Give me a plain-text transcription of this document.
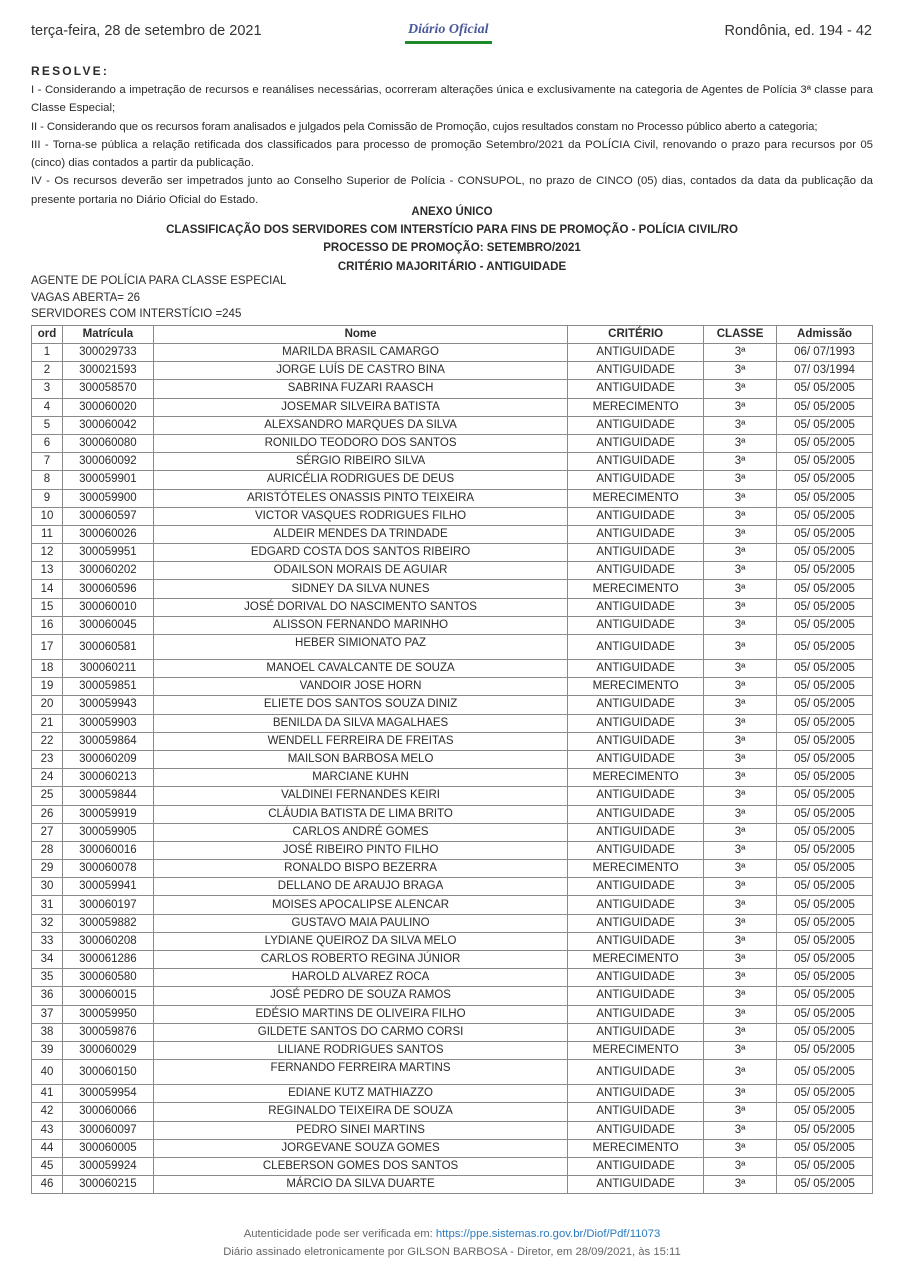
terça-feira, 28 de setembro de 2021	Diário Oficial	Rondônia, ed. 194 - 42
RESOLVE:

I - Considerando a impetração de recursos e reanálises necessárias, ocorreram alterações única e exclusivamente na categoria de Agentes de Polícia 3ª classe para Classe Especial;

II - Considerando que os recursos foram analisados e julgados pela Comissão de Promoção, cujos resultados constam no Processo público aberto a categoria;

III - Torna-se pública a relação retificada dos classificados para processo de promoção Setembro/2021 da POLÍCIA Civil, renovando o prazo para recursos por 05 (cinco) dias contados a partir da publicação.

IV - Os recursos deverão ser impetrados junto ao Conselho Superior de Polícia - CONSUPOL, no prazo de CINCO (05) dias, contados da data da publicação da presente portaria no Diário Oficial do Estado.

ANEXO ÚNICO
CLASSIFICAÇÃO DOS SERVIDORES COM INTERSTÍCIO PARA FINS DE PROMOÇÃO - POLÍCIA CIVIL/RO
PROCESSO DE PROMOÇÃO: SETEMBRO/2021
CRITÉRIO MAJORITÁRIO - ANTIGUIDADE
AGENTE DE POLÍCIA PARA CLASSE ESPECIAL
VAGAS ABERTA= 26
SERVIDORES COM INTERSTÍCIO =245
ord	Matrícula	Nome	CRITÉRIO	CLASSE	Admissão
1	300029733	MARILDA BRASIL CAMARGO	ANTIGUIDADE	3ª	06/ 07/1993
2	300021593	JORGE LUÍS DE CASTRO BINA	ANTIGUIDADE	3ª	07/ 03/1994
3	300058570	SABRINA FUZARI RAASCH	ANTIGUIDADE	3ª	05/ 05/2005
4	300060020	JOSEMAR SILVEIRA BATISTA	MERECIMENTO	3ª	05/ 05/2005
5	300060042	ALEXSANDRO MARQUES DA SILVA	ANTIGUIDADE	3ª	05/ 05/2005
6	300060080	RONILDO TEODORO DOS SANTOS	ANTIGUIDADE	3ª	05/ 05/2005
7	300060092	SÉRGIO RIBEIRO SILVA	ANTIGUIDADE	3ª	05/ 05/2005
8	300059901	AURICÉLIA RODRIGUES DE DEUS	ANTIGUIDADE	3ª	05/ 05/2005
9	300059900	ARISTÓTELES ONASSIS PINTO TEIXEIRA	MERECIMENTO	3ª	05/ 05/2005
10	300060597	VICTOR VASQUES RODRIGUES FILHO	ANTIGUIDADE	3ª	05/ 05/2005
11	300060026	ALDEIR MENDES DA TRINDADE	ANTIGUIDADE	3ª	05/ 05/2005
12	300059951	EDGARD COSTA DOS SANTOS RIBEIRO	ANTIGUIDADE	3ª	05/ 05/2005
13	300060202	ODAILSON MORAIS DE AGUIAR	ANTIGUIDADE	3ª	05/ 05/2005
14	300060596	SIDNEY DA SILVA NUNES	MERECIMENTO	3ª	05/ 05/2005
15	300060010	JOSÉ DORIVAL DO NASCIMENTO SANTOS	ANTIGUIDADE	3ª	05/ 05/2005
16	300060045	ALISSON FERNANDO MARINHO	ANTIGUIDADE	3ª	05/ 05/2005
17	300060581	HEBER SIMIONATO PAZ	ANTIGUIDADE	3ª	05/ 05/2005
18	300060211	MANOEL CAVALCANTE DE SOUZA	ANTIGUIDADE	3ª	05/ 05/2005
19	300059851	VANDOIR JOSE HORN	MERECIMENTO	3ª	05/ 05/2005
20	300059943	ELIETE DOS SANTOS SOUZA DINIZ	ANTIGUIDADE	3ª	05/ 05/2005
21	300059903	BENILDA DA SILVA MAGALHAES	ANTIGUIDADE	3ª	05/ 05/2005
22	300059864	WENDELL FERREIRA DE FREITAS	ANTIGUIDADE	3ª	05/ 05/2005
23	300060209	MAILSON BARBOSA MELO	ANTIGUIDADE	3ª	05/ 05/2005
24	300060213	MARCIANE KUHN	MERECIMENTO	3ª	05/ 05/2005
25	300059844	VALDINEI FERNANDES KEIRI	ANTIGUIDADE	3ª	05/ 05/2005
26	300059919	CLÁUDIA BATISTA DE LIMA BRITO	ANTIGUIDADE	3ª	05/ 05/2005
27	300059905	CARLOS ANDRÉ GOMES	ANTIGUIDADE	3ª	05/ 05/2005
28	300060016	JOSÉ RIBEIRO PINTO FILHO	ANTIGUIDADE	3ª	05/ 05/2005
29	300060078	RONALDO BISPO BEZERRA	MERECIMENTO	3ª	05/ 05/2005
30	300059941	DELLANO DE ARAUJO BRAGA	ANTIGUIDADE	3ª	05/ 05/2005
31	300060197	MOISES APOCALIPSE ALENCAR	ANTIGUIDADE	3ª	05/ 05/2005
32	300059882	GUSTAVO MAIA PAULINO	ANTIGUIDADE	3ª	05/ 05/2005
33	300060208	LYDIANE QUEIROZ DA SILVA MELO	ANTIGUIDADE	3ª	05/ 05/2005
34	300061286	CARLOS ROBERTO REGINA JÚNIOR	MERECIMENTO	3ª	05/ 05/2005
35	300060580	HAROLD ALVAREZ ROCA	ANTIGUIDADE	3ª	05/ 05/2005
36	300060015	JOSÉ PEDRO DE SOUZA RAMOS	ANTIGUIDADE	3ª	05/ 05/2005
37	300059950	EDÉSIO MARTINS DE OLIVEIRA FILHO	ANTIGUIDADE	3ª	05/ 05/2005
38	300059876	GILDETE SANTOS DO CARMO CORSI	ANTIGUIDADE	3ª	05/ 05/2005
39	300060029	LILIANE RODRIGUES SANTOS	MERECIMENTO	3ª	05/ 05/2005
40	300060150	FERNANDO FERREIRA MARTINS	ANTIGUIDADE	3ª	05/ 05/2005
41	300059954	EDIANE KUTZ MATHIAZZO	ANTIGUIDADE	3ª	05/ 05/2005
42	300060066	REGINALDO TEIXEIRA DE SOUZA	ANTIGUIDADE	3ª	05/ 05/2005
43	300060097	PEDRO SINEI MARTINS	ANTIGUIDADE	3ª	05/ 05/2005
44	300060005	JORGEVANE SOUZA GOMES	MERECIMENTO	3ª	05/ 05/2005
45	300059924	CLEBERSON GOMES DOS SANTOS	ANTIGUIDADE	3ª	05/ 05/2005
46	300060215	MÁRCIO DA SILVA DUARTE	ANTIGUIDADE	3ª	05/ 05/2005
Autenticidade pode ser verificada em: https://ppe.sistemas.ro.gov.br/Diof/Pdf/11073
Diário assinado eletronicamente por GILSON BARBOSA - Diretor, em 28/09/2021, às 15:11
